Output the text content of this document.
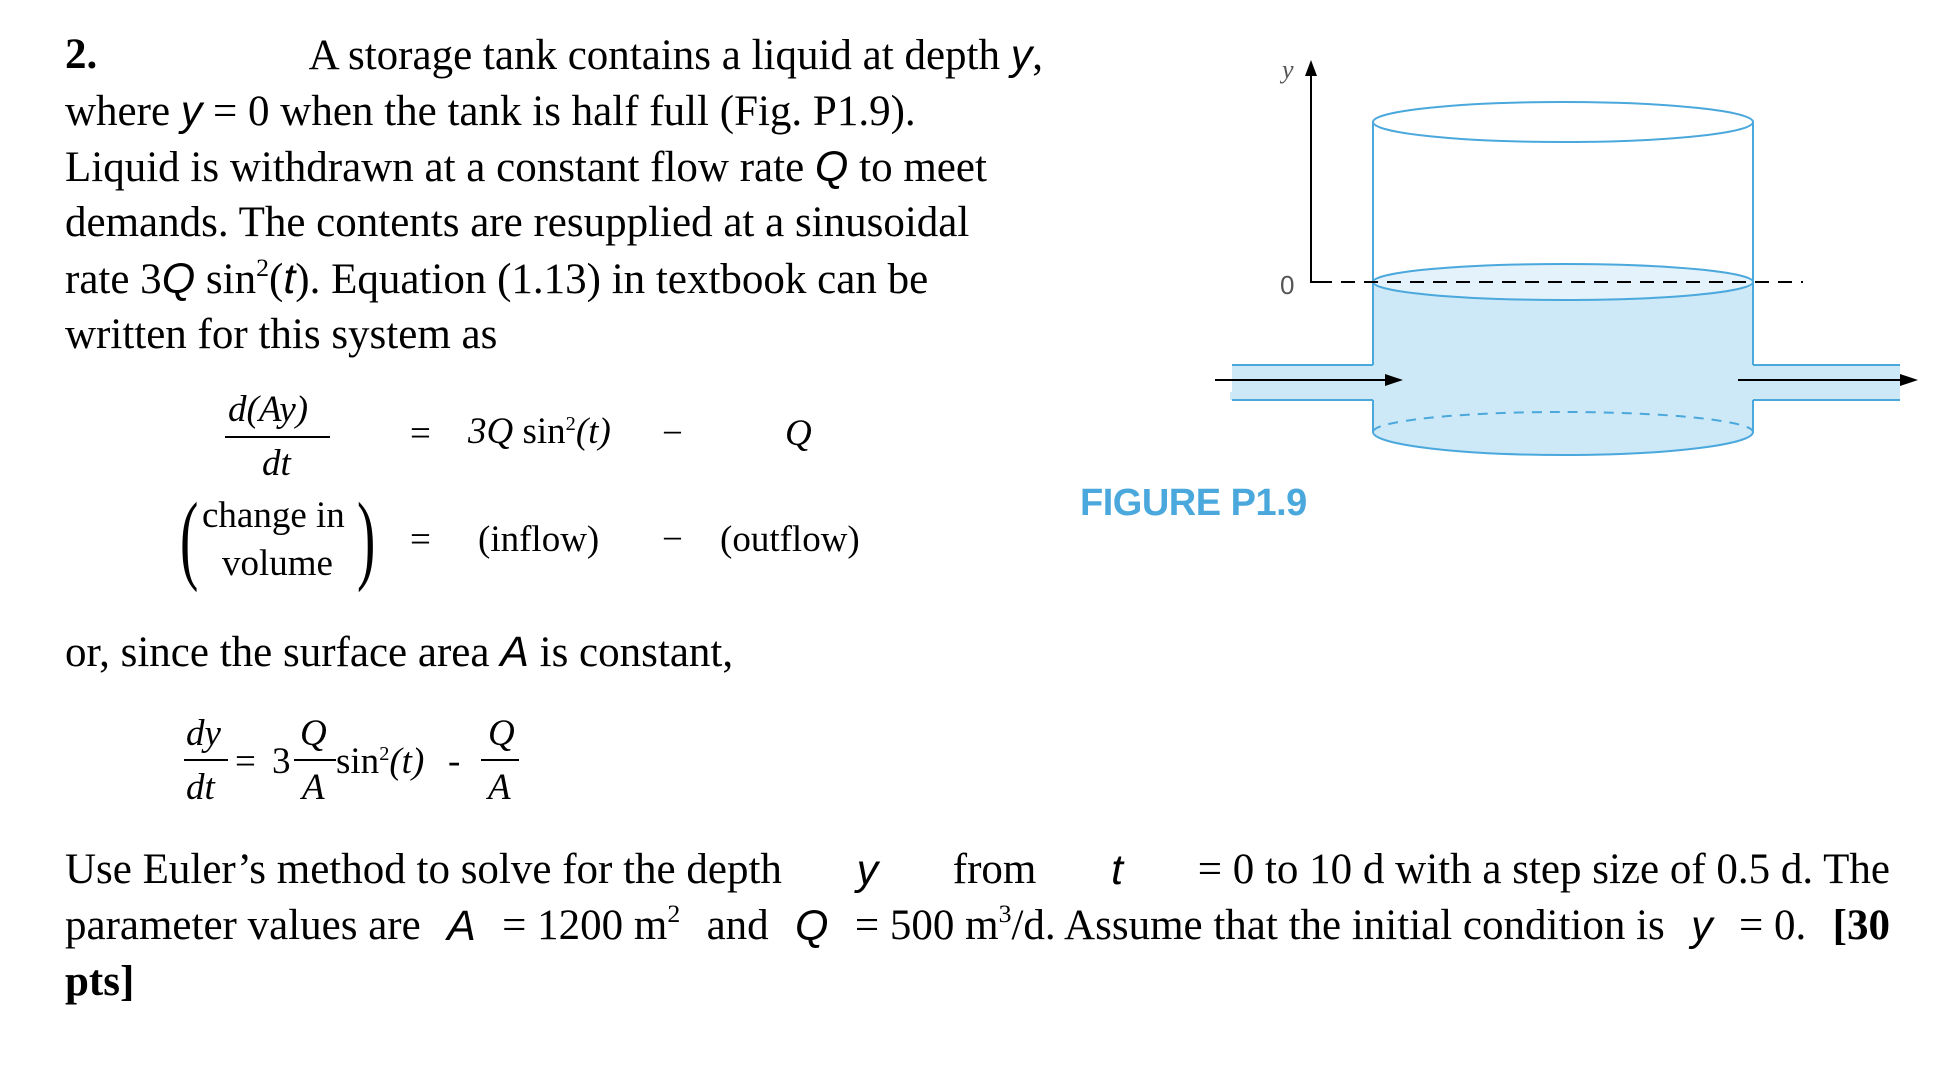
2.	A storage tank contains a liquid at depth y,
where y = 0 when the tank is half full (Fig. P1.9).
Liquid is withdrawn at a constant flow rate Q to meet
demands. The contents are resupplied at a sinusoidal
rate 3Q $\sin^2(t)$. Equation (1.13) in textbook can be
written for this system as
d(Ay)
dt
= 3Q $\sin^2(t)$ −	Q
( change in
volume ) = (inflow) − (outflow)
or, since the surface area A is constant,
dy
dt
= 3
Q
A
$\sin^2(t)$ -
Q
A
Use Euler’s method to solve for the depth y from t = 0 to 10 d with a step size of 0.5 d. The
parameter values are A = 1200 $m^2$ and Q = 500 $m^3/d$. Assume that the initial condition is y = 0. [30
pts]
y
0
FIGURE P1.9
